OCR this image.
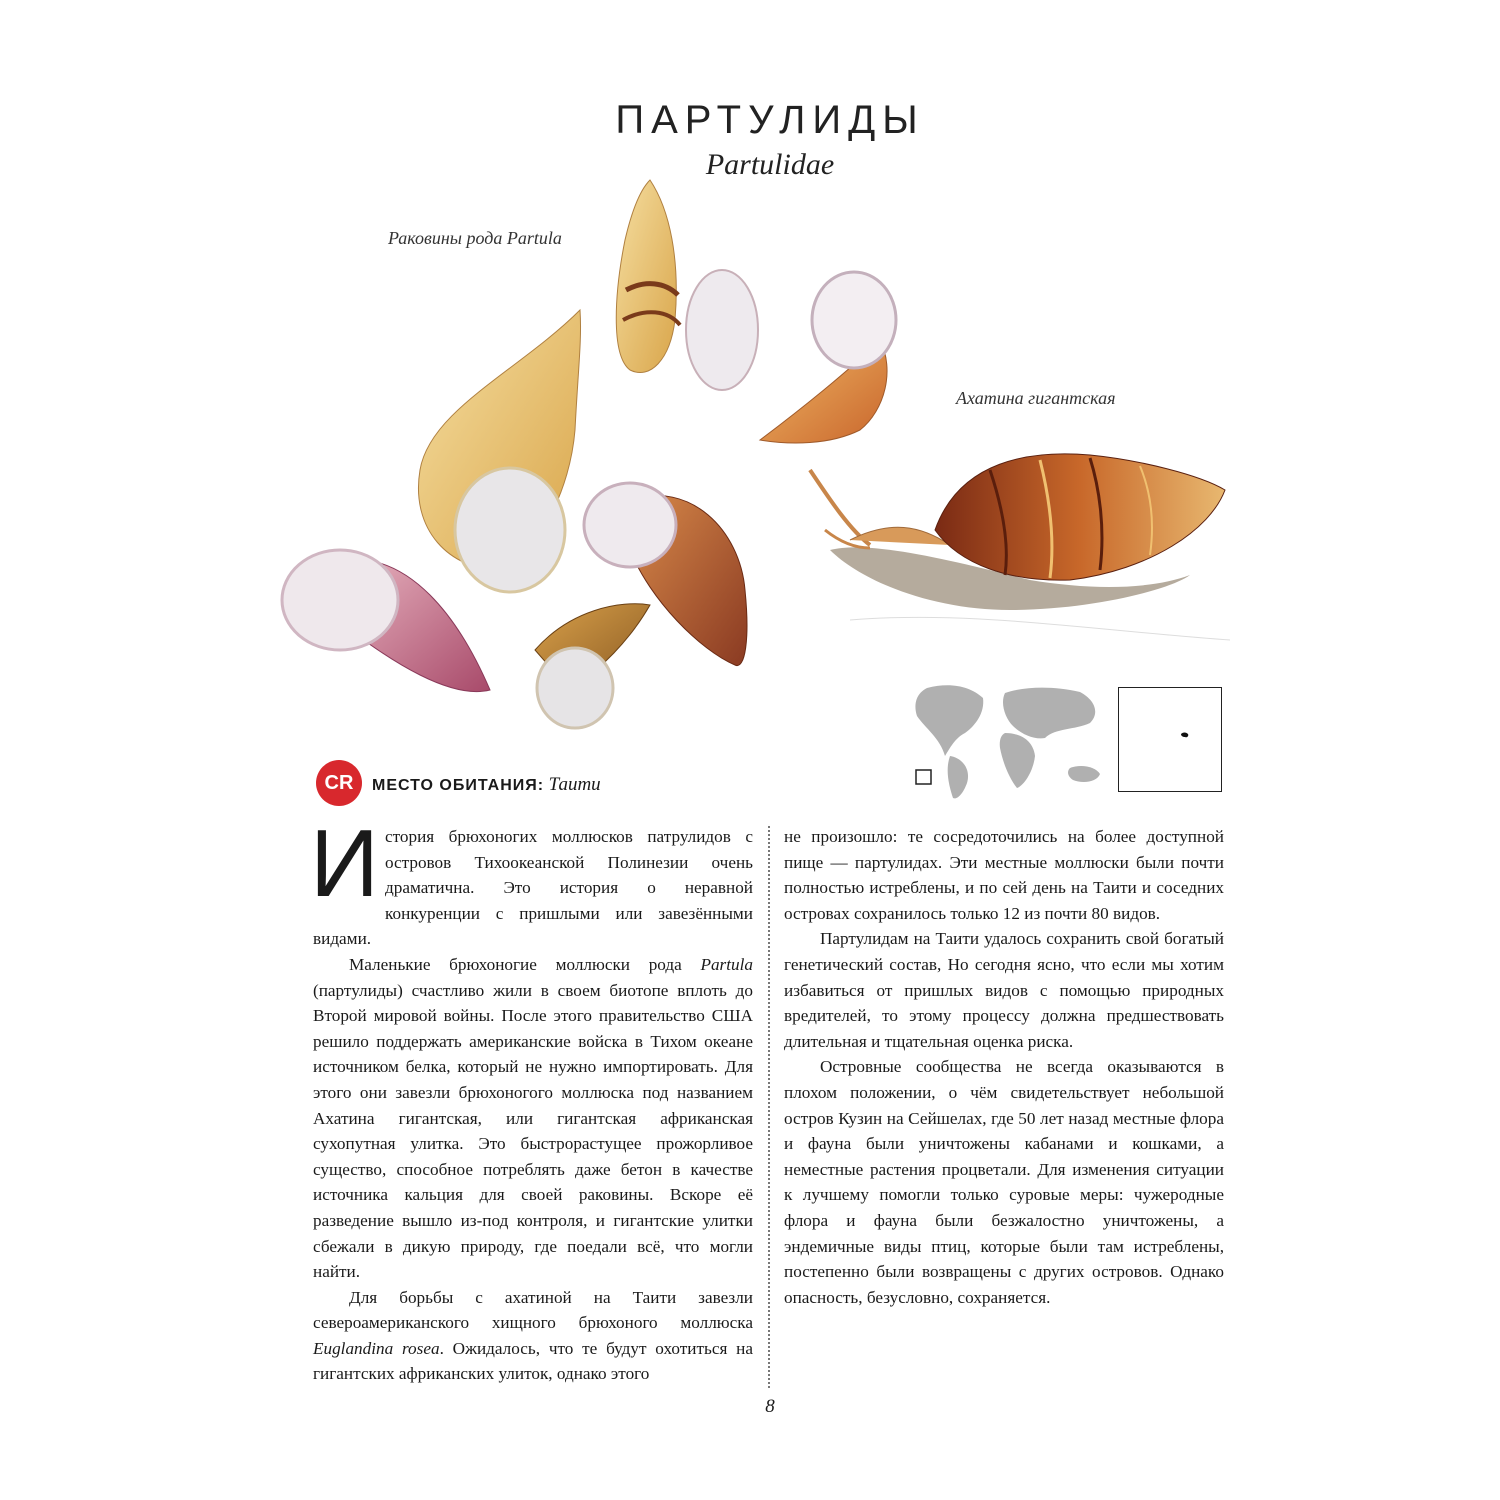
ПАРТУЛИДЫ
Partulidae
Раковины рода Partula
Ахатина гигантская
CR	МЕСТО ОБИТАНИЯ: Таити

История брюхоногих моллюсков патрулидов с островов Тихоокеанской Полинезии очень драматична. Это история о неравной конкуренции с пришлыми или завезёнными видами.

Маленькие брюхоногие моллюски рода Partula (партулиды) счастливо жили в своем биотопе вплоть до Второй мировой войны. После этого правительство США решило поддержать американские войска в Тихом океане источником белка, который не нужно импортировать. Для этого они завезли брюхоногого моллюска под названием Ахатина гигантская, или гигантская африканская сухопутная улитка. Это быстрорастущее прожорливое существо, способное потреблять даже бетон в качестве источника кальция для своей раковины. Вскоре её разведение вышло из-под контроля, и гигантские улитки сбежали в дикую природу, где поедали всё, что могли найти.

Для борьбы с ахатиной на Таити завезли североамериканского хищного брюхоного моллюска Euglandina rosea. Ожидалось, что те будут охотиться на гигантских африканских улиток, однако этого

не произошло: те сосредоточились на более доступной пище — партулидах. Эти местные моллюски были почти полностью истреблены, и по сей день на Таити и соседних островах сохранилось только 12 из почти 80 видов.

Партулидам на Таити удалось сохранить свой богатый генетический состав, Но сегодня ясно, что если мы хотим избавиться от пришлых видов с помощью природных вредителей, то этому процессу должна предшествовать длительная и тщательная оценка риска.

Островные сообщества не всегда оказываются в плохом положении, о чём свидетельствует небольшой остров Кузин на Сейшелах, где 50 лет назад местные флора и фауна были уничтожены кабанами и кошками, а неместные растения процветали. Для изменения ситуации к лучшему помогли только суровые меры: чужеродные флора и фауна были безжалостно уничтожены, а эндемичные виды птиц, которые были там истреблены, постепенно были возвращены с других островов. Однако опасность, безусловно, сохраняется.

8
